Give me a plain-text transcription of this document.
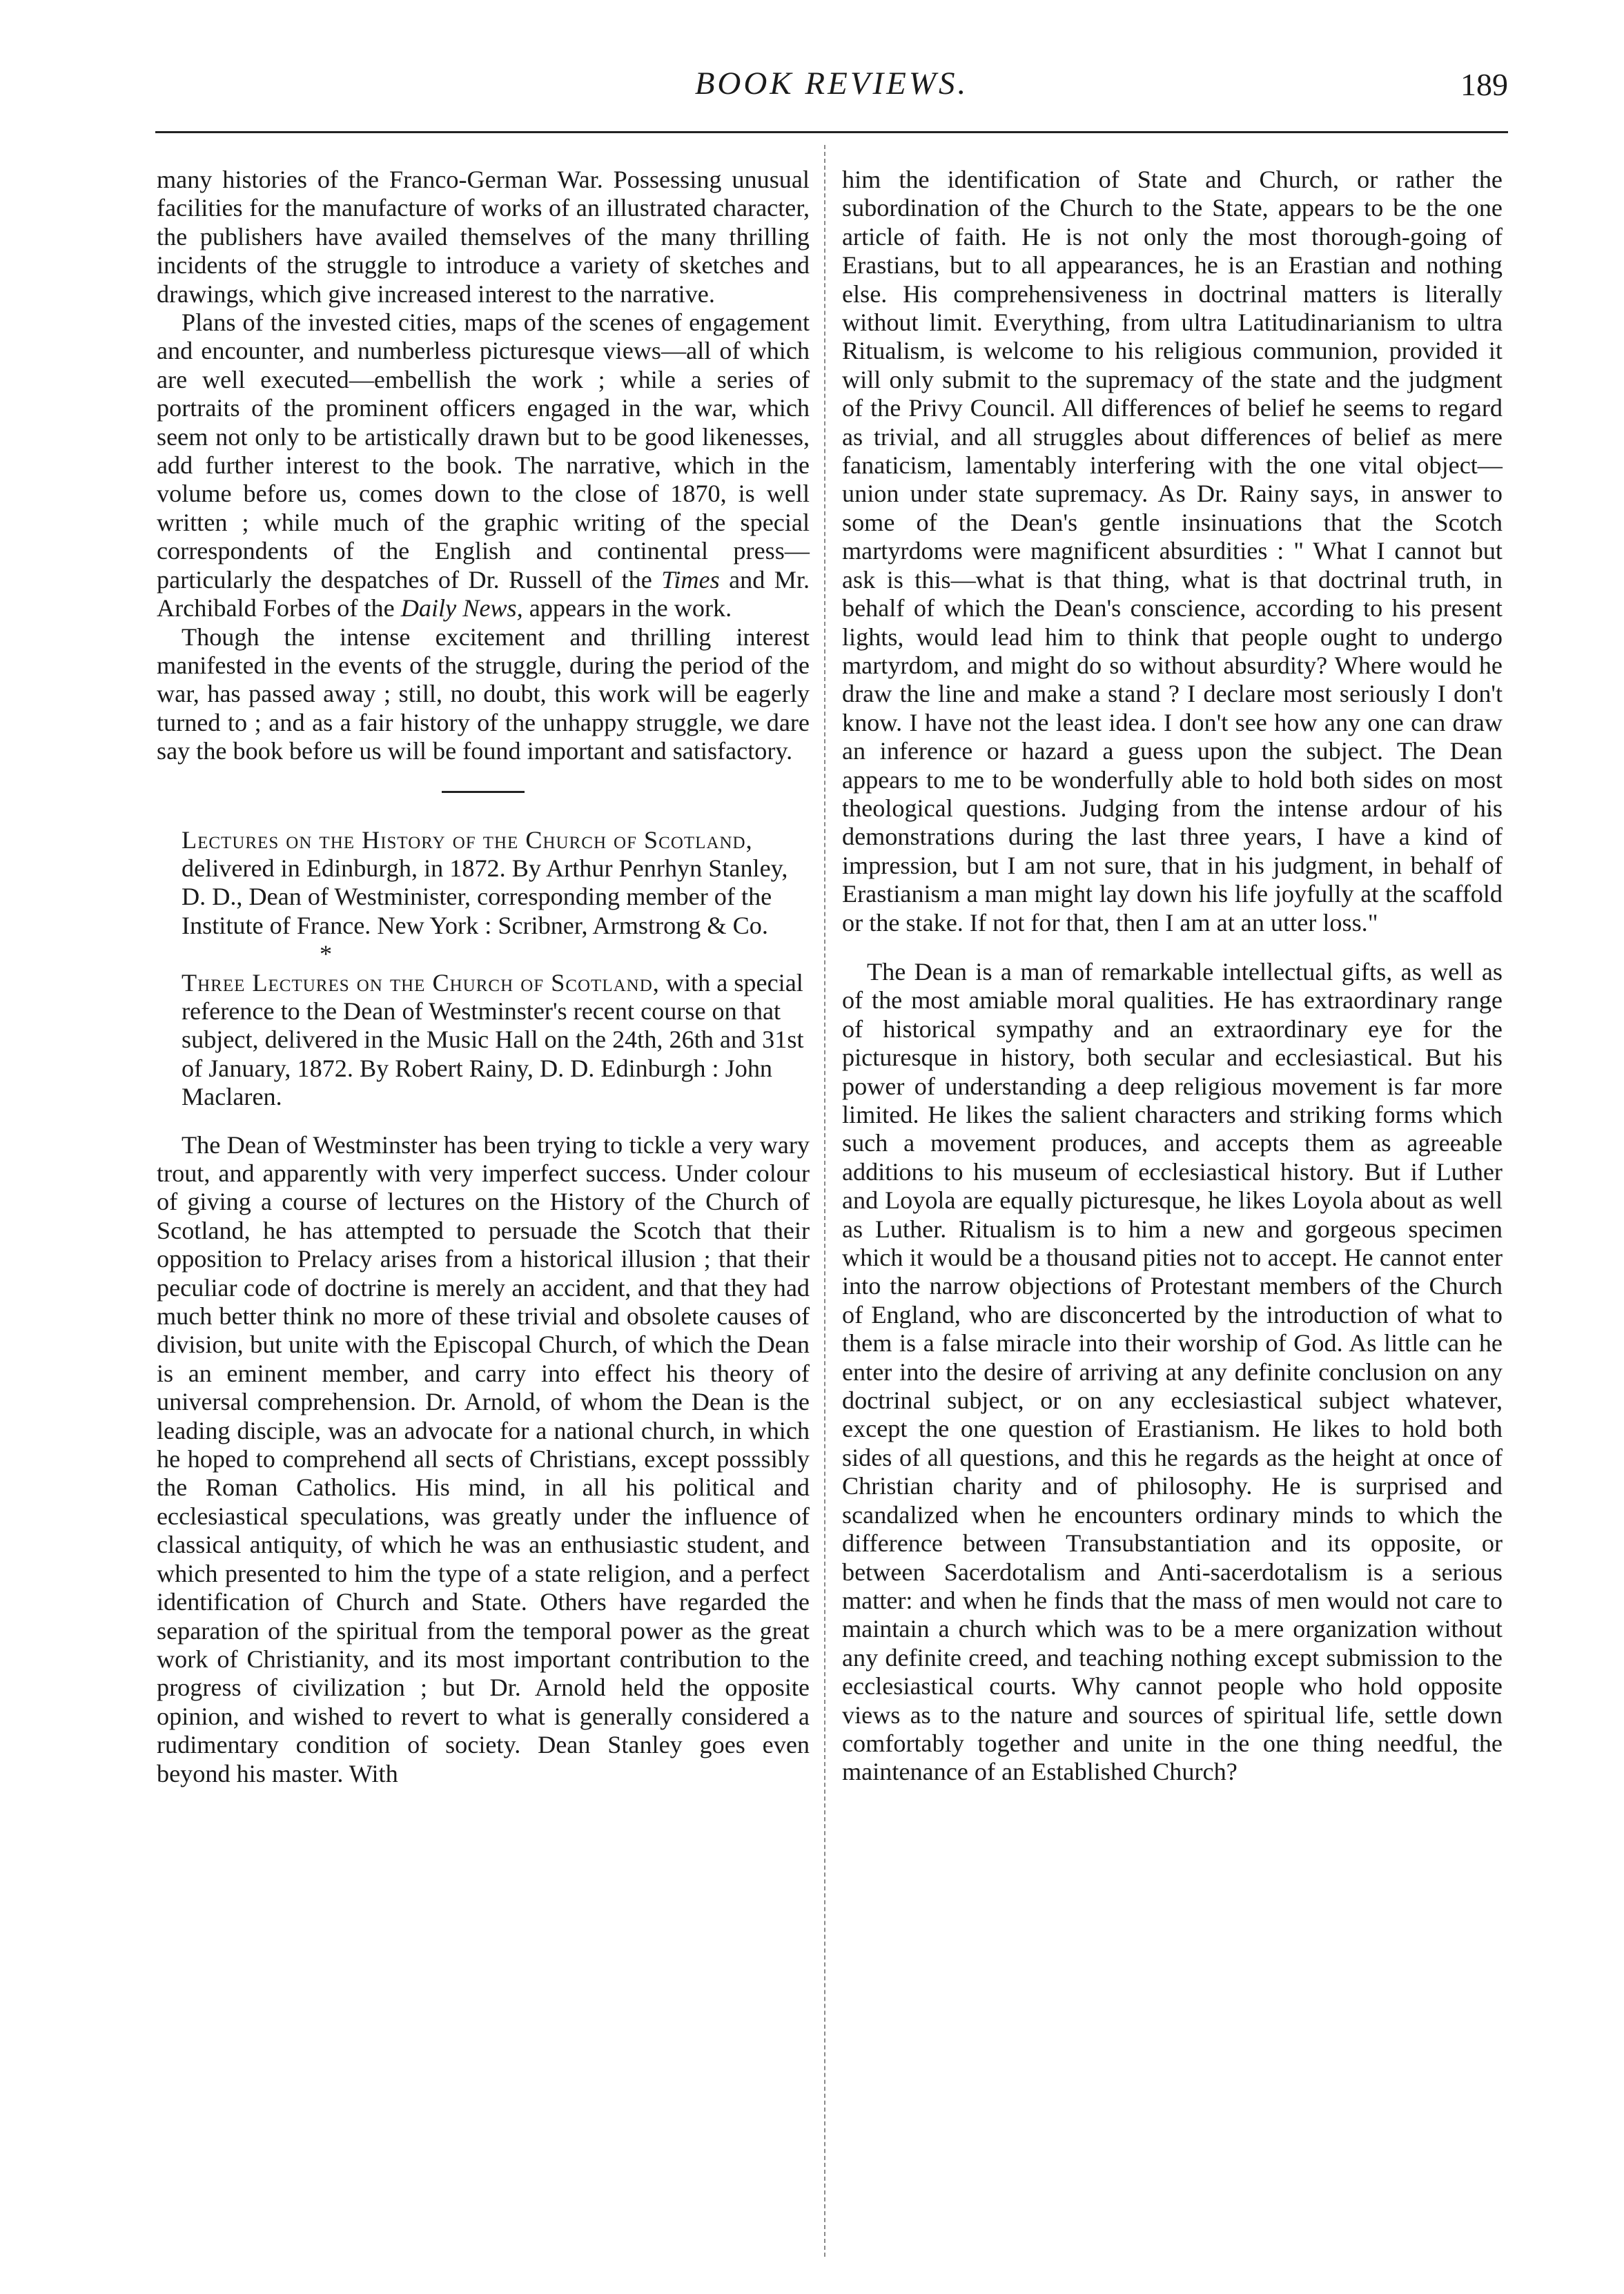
BOOK REVIEWS.	189

many histories of the Franco-German War. Possessing unusual facilities for the manufacture of works of an illustrated character, the publishers have availed themselves of the many thrilling incidents of the struggle to introduce a variety of sketches and drawings, which give increased interest to the narrative.

Plans of the invested cities, maps of the scenes of engagement and encounter, and numberless picturesque views—all of which are well executed—embellish the work ; while a series of portraits of the prominent officers engaged in the war, which seem not only to be artistically drawn but to be good likenesses, add further interest to the book. The narrative, which in the volume before us, comes down to the close of 1870, is well written ; while much of the graphic writing of the special correspondents of the English and continental press—particularly the despatches of Dr. Russell of the Times and Mr. Archibald Forbes of the Daily News, appears in the work.

Though the intense excitement and thrilling interest manifested in the events of the struggle, during the period of the war, has passed away ; still, no doubt, this work will be eagerly turned to ; and as a fair history of the unhappy struggle, we dare say the book before us will be found important and satisfactory.

Lectures on the History of the Church of Scotland, delivered in Edinburgh, in 1872. By Arthur Penrhyn Stanley, D. D., Dean of Westminister, corresponding member of the Institute of France. New York : Scribner, Armstrong & Co.
*

Three Lectures on the Church of Scotland, with a special reference to the Dean of Westminster's recent course on that subject, delivered in the Music Hall on the 24th, 26th and 31st of January, 1872. By Robert Rainy, D. D. Edinburgh : John Maclaren.

The Dean of Westminster has been trying to tickle a very wary trout, and apparently with very imperfect success. Under colour of giving a course of lectures on the History of the Church of Scotland, he has attempted to persuade the Scotch that their opposition to Prelacy arises from a historical illusion ; that their peculiar code of doctrine is merely an accident, and that they had much better think no more of these trivial and obsolete causes of division, but unite with the Episcopal Church, of which the Dean is an eminent member, and carry into effect his theory of universal comprehension. Dr. Arnold, of whom the Dean is the leading disciple, was an advocate for a national church, in which he hoped to comprehend all sects of Christians, except posssibly the Roman Catholics. His mind, in all his political and ecclesiastical speculations, was greatly under the influence of classical antiquity, of which he was an enthusiastic student, and which presented to him the type of a state religion, and a perfect identification of Church and State. Others have regarded the separation of the spiritual from the temporal power as the great work of Christianity, and its most important contribution to the progress of civilization ; but Dr. Arnold held the opposite opinion, and wished to revert to what is generally considered a rudimentary condition of society. Dean Stanley goes even beyond his master. With

him the identification of State and Church, or rather the subordination of the Church to the State, appears to be the one article of faith. He is not only the most thorough-going of Erastians, but to all appearances, he is an Erastian and nothing else. His comprehensiveness in doctrinal matters is literally without limit. Everything, from ultra Latitudinarianism to ultra Ritualism, is welcome to his religious communion, provided it will only submit to the supremacy of the state and the judgment of the Privy Council. All differences of belief he seems to regard as trivial, and all struggles about differences of belief as mere fanaticism, lamentably interfering with the one vital object—union under state supremacy. As Dr. Rainy says, in answer to some of the Dean's gentle insinuations that the Scotch martyrdoms were magnificent absurdities : " What I cannot but ask is this—what is that thing, what is that doctrinal truth, in behalf of which the Dean's conscience, according to his present lights, would lead him to think that people ought to undergo martyrdom, and might do so without absurdity? Where would he draw the line and make a stand ? I declare most seriously I don't know. I have not the least idea. I don't see how any one can draw an inference or hazard a guess upon the subject. The Dean appears to me to be wonderfully able to hold both sides on most theological questions. Judging from the intense ardour of his demonstrations during the last three years, I have a kind of impression, but I am not sure, that in his judgment, in behalf of Erastianism a man might lay down his life joyfully at the scaffold or the stake. If not for that, then I am at an utter loss."

The Dean is a man of remarkable intellectual gifts, as well as of the most amiable moral qualities. He has extraordinary range of historical sympathy and an extraordinary eye for the picturesque in history, both secular and ecclesiastical. But his power of understanding a deep religious movement is far more limited. He likes the salient characters and striking forms which such a movement produces, and accepts them as agreeable additions to his museum of ecclesiastical history. But if Luther and Loyola are equally picturesque, he likes Loyola about as well as Luther. Ritualism is to him a new and gorgeous specimen which it would be a thousand pities not to accept. He cannot enter into the narrow objections of Protestant members of the Church of England, who are disconcerted by the introduction of what to them is a false miracle into their worship of God. As little can he enter into the desire of arriving at any definite conclusion on any doctrinal subject, or on any ecclesiastical subject whatever, except the one question of Erastianism. He likes to hold both sides of all questions, and this he regards as the height at once of Christian charity and of philosophy. He is surprised and scandalized when he encounters ordinary minds to which the difference between Transubstantiation and its opposite, or between Sacerdotalism and Anti-sacerdotalism is a serious matter: and when he finds that the mass of men would not care to maintain a church which was to be a mere organization without any definite creed, and teaching nothing except submission to the ecclesiastical courts. Why cannot people who hold opposite views as to the nature and sources of spiritual life, settle down comfortably together and unite in the one thing needful, the maintenance of an Established Church?
